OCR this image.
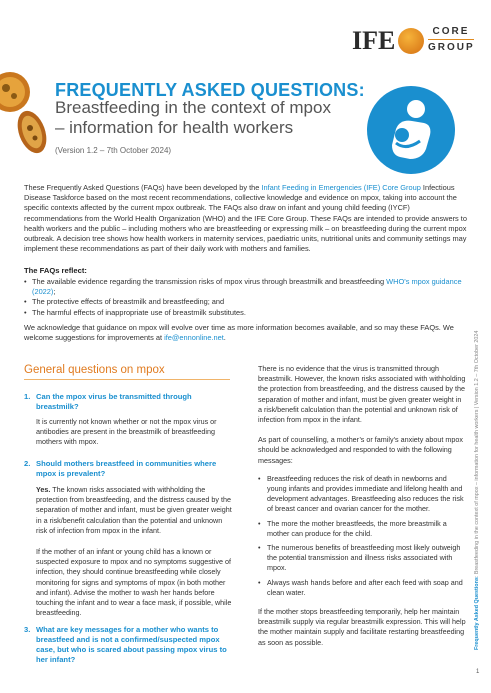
IFE	CORE
GROUP
FREQUENTLY ASKED QUESTIONS:
Breastfeeding in the context of mpox
– information for health workers
(Version 1.2 – 7th October 2024)
These Frequently Asked Questions (FAQs) have been developed by the Infant Feeding in Emergencies (IFE) Core Group Infectious Disease Taskforce based on the most recent recommendations, collective knowledge and evidence on mpox, taking into account the specific contexts affected by the current mpox outbreak. The FAQs also draw on infant and young child feeding (IYCF) recommendations from the World Health Organization (WHO) and the IFE Core Group. These FAQs are intended to provide answers to health workers and the public – including mothers who are breastfeeding or expressing milk – on breastfeeding during the current mpox outbreak. A decision tree shows how health workers in maternity services, paediatric units, nutritional units and community settings may implement these recommendations as part of their daily work with mothers and families.
The FAQs reflect:
• The available evidence regarding the transmission risks of mpox virus through breastmilk and breastfeeding WHO’s mpox guidance (2022);
• The protective effects of breastmilk and breastfeeding; and
• The harmful effects of inappropriate use of breastmilk substitutes.
We acknowledge that guidance on mpox will evolve over time as more information becomes available, and so may these FAQs. We welcome suggestions for improvements at ife@ennonline.net.
General questions on mpox
1. Can the mpox virus be transmitted through breastmilk?
It is currently not known whether or not the mpox virus or antibodies are present in the breastmilk of breastfeeding mothers with mpox.
2. Should mothers breastfeed in communities where mpox is prevalent?
Yes. The known risks associated with withholding the protection from breastfeeding, and the distress caused by the separation of mother and infant, must be given greater weight in a risk/benefit calculation than the potential and unknown risk of infection from mpox in the infant.
If the mother of an infant or young child has a known or suspected exposure to mpox and no symptoms suggestive of infection, they should continue breastfeeding while closely monitoring for signs and symptoms of mpox (in both mother and infant). Advise the mother to wash her hands before touching the infant and to wear a face mask, if possible, while breastfeeding.
3. What are key messages for a mother who wants to breastfeed and is not a confirmed/suspected mpox case, but who is scared about passing mpox virus to her infant?
There is no evidence that the virus is transmitted through breastmilk. However, the known risks associated with withholding the protection from breastfeeding, and the distress caused by the separation of mother and infant, must be given greater weight in a risk/benefit calculation than the potential and unknown risk of infection from mpox in the infant.
As part of counselling, a mother’s or family’s anxiety about mpox should be acknowledged and responded to with the following messages:
• Breastfeeding reduces the risk of death in newborns and young infants and provides immediate and lifelong health and development advantages. Breastfeeding also reduces the risk of breast cancer and ovarian cancer for the mother.
• The more the mother breastfeeds, the more breastmilk a mother can produce for the child.
• The numerous benefits of breastfeeding most likely outweigh the potential transmission and illness risks associated with mpox.
• Always wash hands before and after each feed with soap and clean water.
If the mother stops breastfeeding temporarily, help her maintain breastmilk supply via regular breastmilk expression. This will help the mother maintain supply and facilitate restarting breastfeeding as soon as possible.	Frequently Asked Questions: Breastfeeding in the context of mpox – information for health workers | Version 1.2 – 7th October 2024
1
